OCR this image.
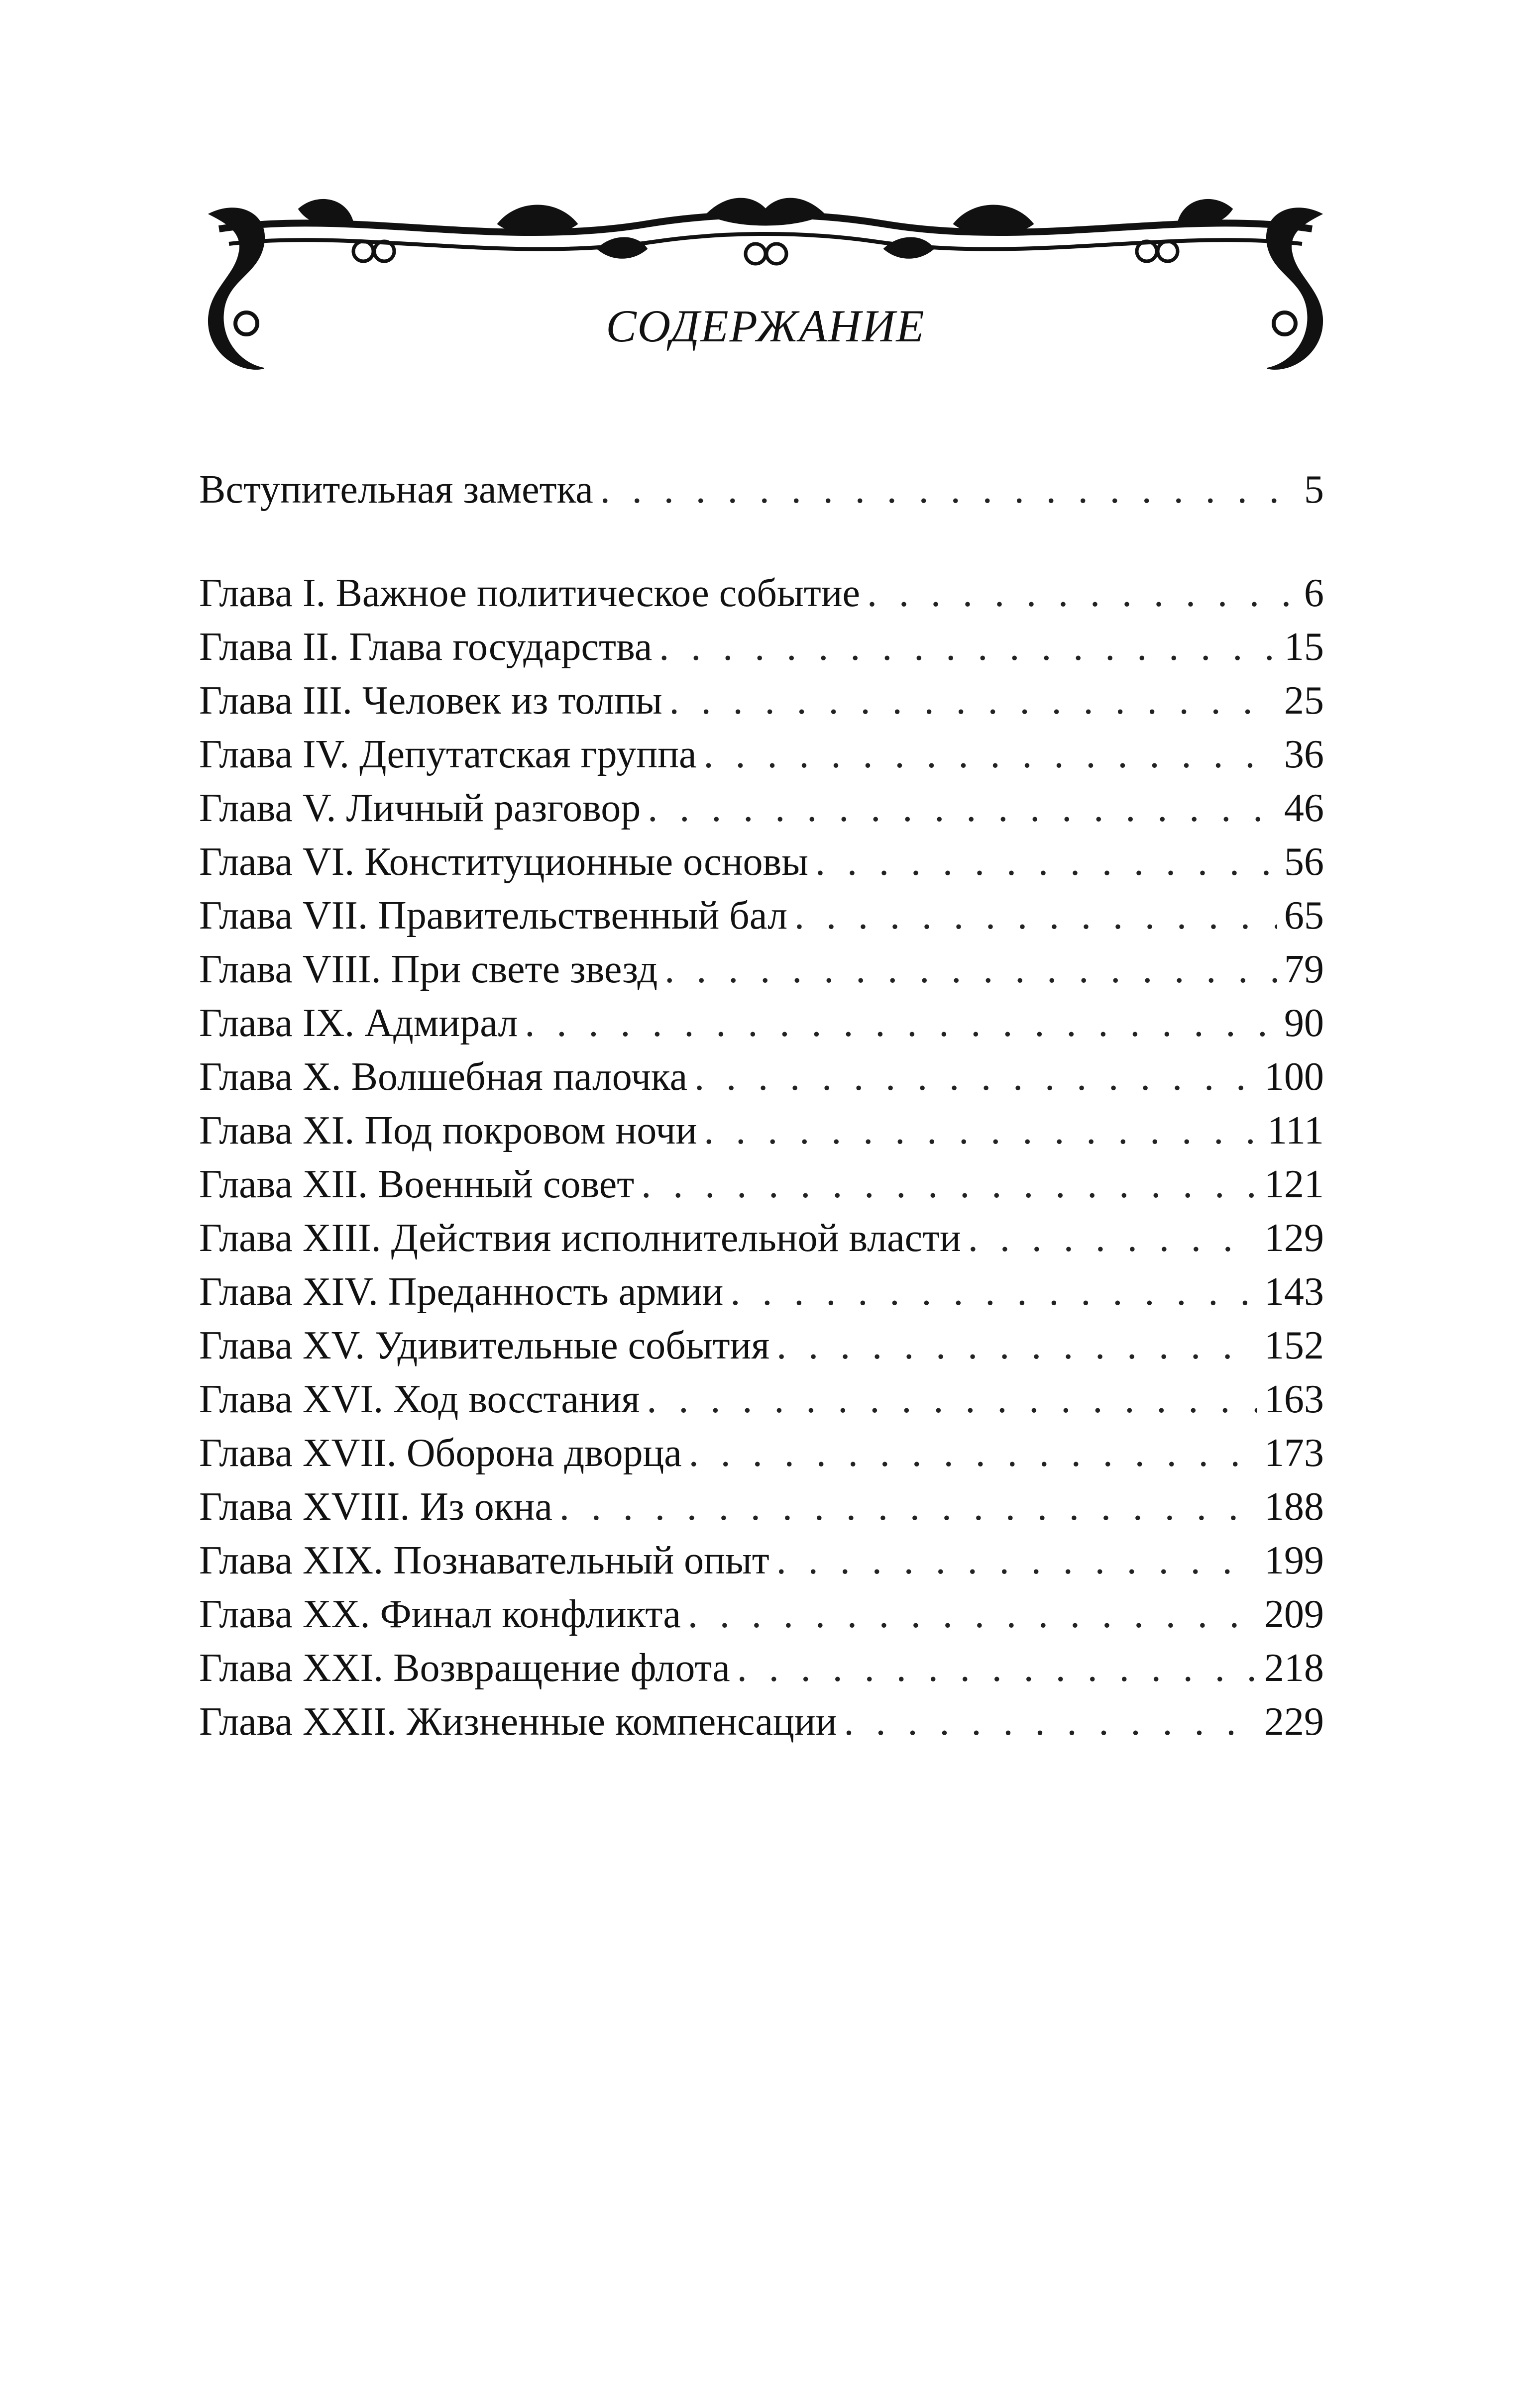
СОДЕРЖАНИЕ
Вступительная заметка . . .	5
Глава I. Важное политическое событие . . .	6
Глава II. Глава государства . . .	15
Глава III. Человек из толпы . . .	25
Глава IV. Депутатская группа . . .	36
Глава V. Личный разговор . . .	46
Глава VI. Конституционные основы . . .	56
Глава VII. Правительственный бал . . .	65
Глава VIII. При свете звезд . . .	79
Глава IX. Адмирал . . .	90
Глава X. Волшебная палочка . . .	100
Глава XI. Под покровом ночи . . .	111
Глава XII. Военный совет . . .	121
Глава XIII. Действия исполнительной власти . . .	129
Глава XIV. Преданность армии . . .	143
Глава XV. Удивительные события . . .	152
Глава XVI. Ход восстания . . .	163
Глава XVII. Оборона дворца . . .	173
Глава XVIII. Из окна . . .	188
Глава XIX. Познавательный опыт . . .	199
Глава XX. Финал конфликта . . .	209
Глава XXI. Возвращение флота . . .	218
Глава XXII. Жизненные компенсации . . .	229
